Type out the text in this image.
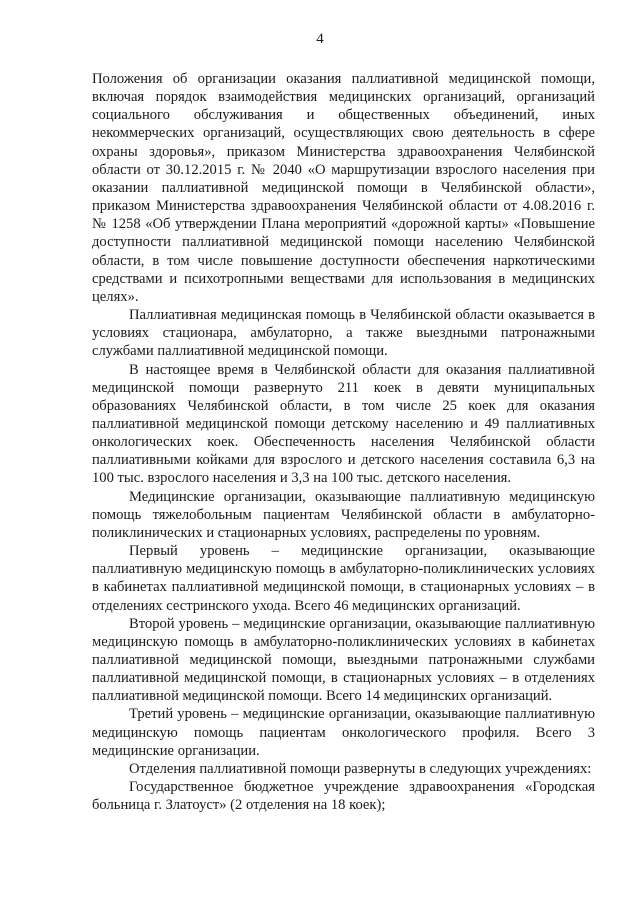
4

Положения об организации оказания паллиативной медицинской помощи, включая порядок взаимодействия медицинских организаций, организаций социального обслуживания и общественных объединений, иных некоммерческих организаций, осуществляющих свою деятельность в сфере охраны здоровья», приказом Министерства здравоохранения Челябинской области от 30.12.2015 г. № 2040 «О маршрутизации взрослого населения при оказании паллиативной медицинской помощи в Челябинской области», приказом Министерства здравоохранения Челябинской области от 4.08.2016 г. № 1258 «Об утверждении Плана мероприятий «дорожной карты» «Повышение доступности паллиативной медицинской помощи населению Челябинской области, в том числе повышение доступности обеспечения наркотическими средствами и психотропными веществами для использования в медицинских целях».

Паллиативная медицинская помощь в Челябинской области оказывается в условиях стационара, амбулаторно, а также выездными патронажными службами паллиативной медицинской помощи.

В настоящее время в Челябинской области для оказания паллиативной медицинской помощи развернуто 211 коек в девяти муниципальных образованиях Челябинской области, в том числе 25 коек для оказания паллиативной медицинской помощи детскому населению и 49 паллиативных онкологических коек. Обеспеченность населения Челябинской области паллиативными койками для взрослого и детского населения составила 6,3 на 100 тыс. взрослого населения и 3,3 на 100 тыс. детского населения.

Медицинские организации, оказывающие паллиативную медицинскую помощь тяжелобольным пациентам Челябинской области в амбулаторно-поликлинических и стационарных условиях, распределены по уровням.

Первый уровень – медицинские организации, оказывающие паллиативную медицинскую помощь в амбулаторно-поликлинических условиях в кабинетах паллиативной медицинской помощи, в стационарных условиях – в отделениях сестринского ухода. Всего 46 медицинских организаций.

Второй уровень – медицинские организации, оказывающие паллиативную медицинскую помощь в амбулаторно-поликлинических условиях в кабинетах паллиативной медицинской помощи, выездными патронажными службами паллиативной медицинской помощи, в стационарных условиях – в отделениях паллиативной медицинской помощи. Всего 14 медицинских организаций.

Третий уровень – медицинские организации, оказывающие паллиативную медицинскую помощь пациентам онкологического профиля. Всего 3 медицинские организации.

Отделения паллиативной помощи развернуты в следующих учреждениях:

Государственное бюджетное учреждение здравоохранения «Городская больница г. Златоуст» (2 отделения на 18 коек);
